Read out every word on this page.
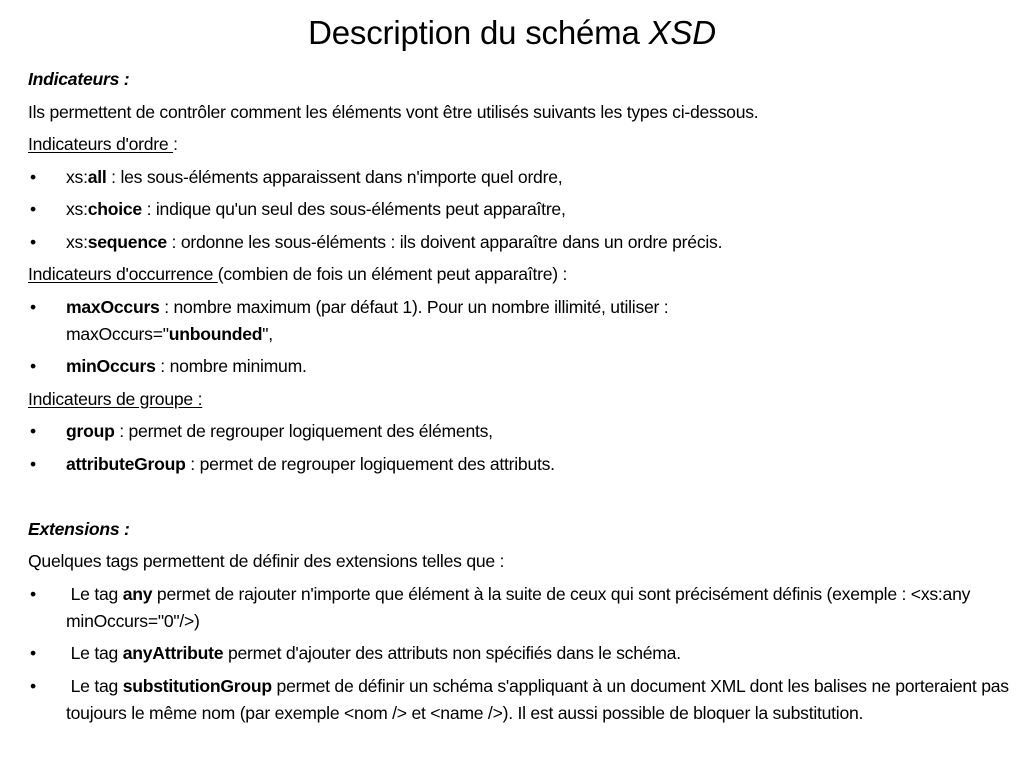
Description du schéma XSD
Indicateurs :
Ils permettent de contrôler comment les éléments vont être utilisés suivants les types ci-dessous.
Indicateurs d'ordre :
• xs:all : les sous-éléments apparaissent dans n'importe quel ordre,
• xs:choice : indique qu'un seul des sous-éléments peut apparaître,
• xs:sequence : ordonne les sous-éléments : ils doivent apparaître dans un ordre précis.
Indicateurs d'occurrence (combien de fois un élément peut apparaître) :
• maxOccurs : nombre maximum (par défaut 1). Pour un nombre illimité, utiliser : maxOccurs="unbounded",
• minOccurs : nombre minimum.
Indicateurs de groupe :
• group : permet de regrouper logiquement des éléments,
• attributeGroup : permet de regrouper logiquement des attributs.
Extensions :
Quelques tags permettent de définir des extensions telles que :
• Le tag any permet de rajouter n'importe que élément à la suite de ceux qui sont précisément définis (exemple : <xs:any minOccurs="0"/>)
• Le tag anyAttribute permet d'ajouter des attributs non spécifiés dans le schéma.
• Le tag substitutionGroup permet de définir un schéma s'appliquant à un document XML dont les balises ne porteraient pas toujours le même nom (par exemple <nom /> et <name />). Il est aussi possible de bloquer la substitution.
